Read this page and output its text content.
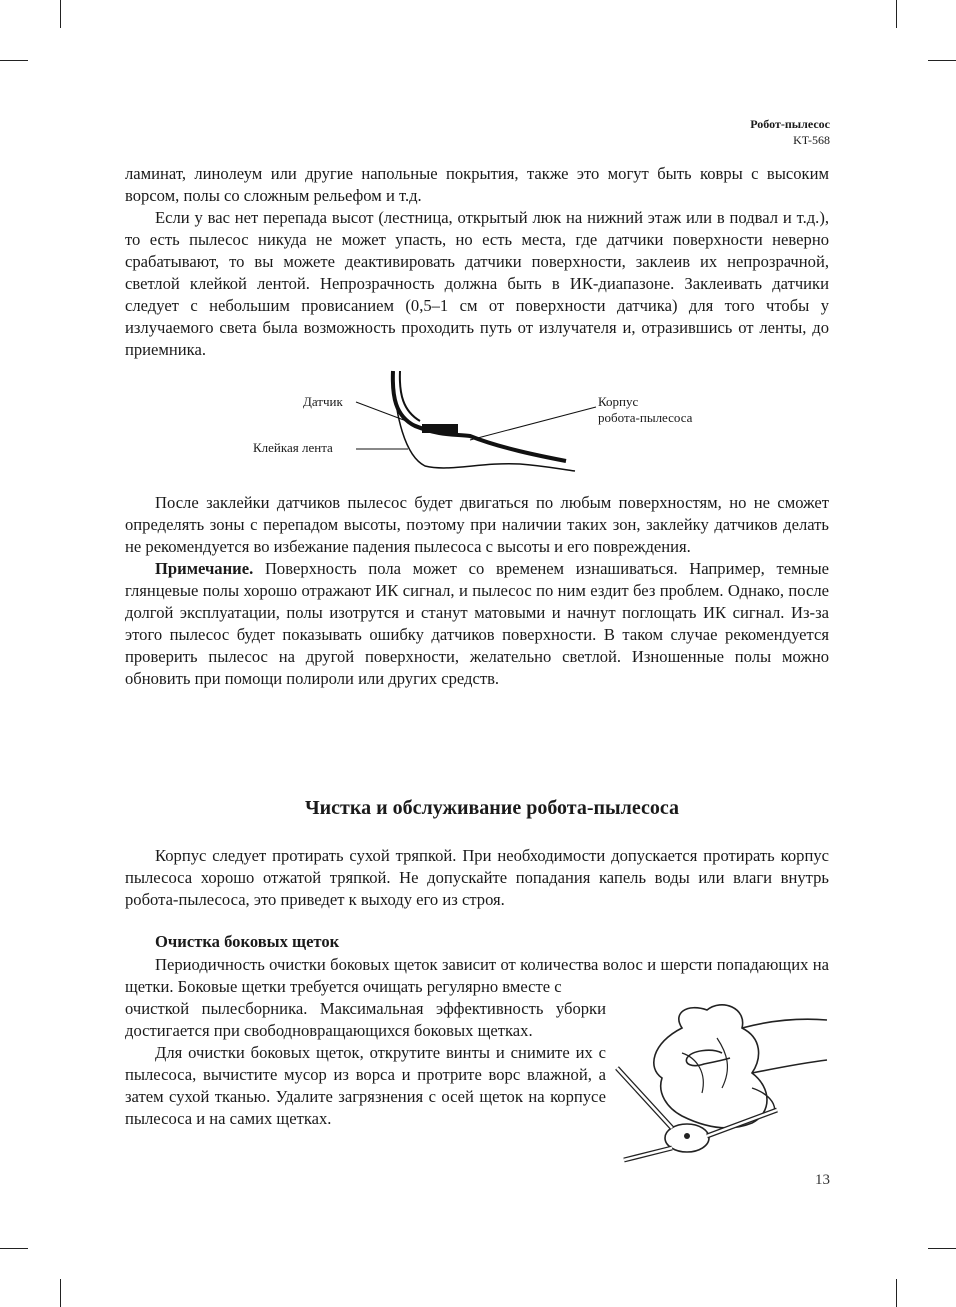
Робот-пылесос
KT-568

ламинат, линолеум или другие напольные покрытия, также это могут быть ковры с высоким ворсом, полы со сложным рельефом и т.д.

Если у вас нет перепада высот (лестница, открытый люк на нижний этаж или в подвал и т.д.), то есть пылесос никуда не может упасть, но есть места, где датчики поверхности неверно срабатывают, то вы можете деактивировать датчики поверхности, заклеив их непрозрачной, светлой клейкой лентой. Непрозрачность должна быть в ИК-диапазоне. Заклеивать датчики следует с небольшим провисанием (0,5–1 см от поверхности датчика) для того чтобы у излучаемого света была возможность проходить путь от излучателя и, отразившись от ленты, до приемника.

Датчик
Клейкая лента
Корпус
робота-пылесоса

После заклейки датчиков пылесос будет двигаться по любым поверхностям, но не сможет определять зоны с перепадом высоты, поэтому при наличии таких зон, заклейку датчиков делать не рекомендуется во избежание падения пылесоса с высоты и его повреждения.

Примечание. Поверхность пола может со временем изнашиваться. Например, темные глянцевые полы хорошо отражают ИК сигнал, и пылесос по ним ездит без проблем. Однако, после долгой эксплуатации, полы изотрутся и станут матовыми и начнут поглощать ИК сигнал. Из-за этого пылесос будет показывать ошибку датчиков поверхности. В таком случае рекомендуется проверить пылесос на другой поверхности, желательно светлой. Изношенные полы можно обновить при помощи полироли или других средств.

Чистка и обслуживание робота-пылесоса

Корпус следует протирать сухой тряпкой. При необходимости допускается протирать корпус пылесоса хорошо отжатой тряпкой. Не допускайте попадания капель воды или влаги внутрь робота-пылесоса, это приведет к выходу его из строя.

Очистка боковых щеток

Периодичность очистки боковых щеток зависит от количества волос и шерсти попадающих на щетки. Боковые щетки требуется очищать регулярно вместе с

очисткой пылесборника. Максимальная эффективность уборки достигается при свободновращающихся боковых щетках.

Для очистки боковых щеток, открутите винты и снимите их с пылесоса, вычистите мусор из ворса и протрите ворс влажной, а затем сухой тканью. Удалите загрязнения с осей щеток на корпусе пылесоса и на самих щетках.

13
